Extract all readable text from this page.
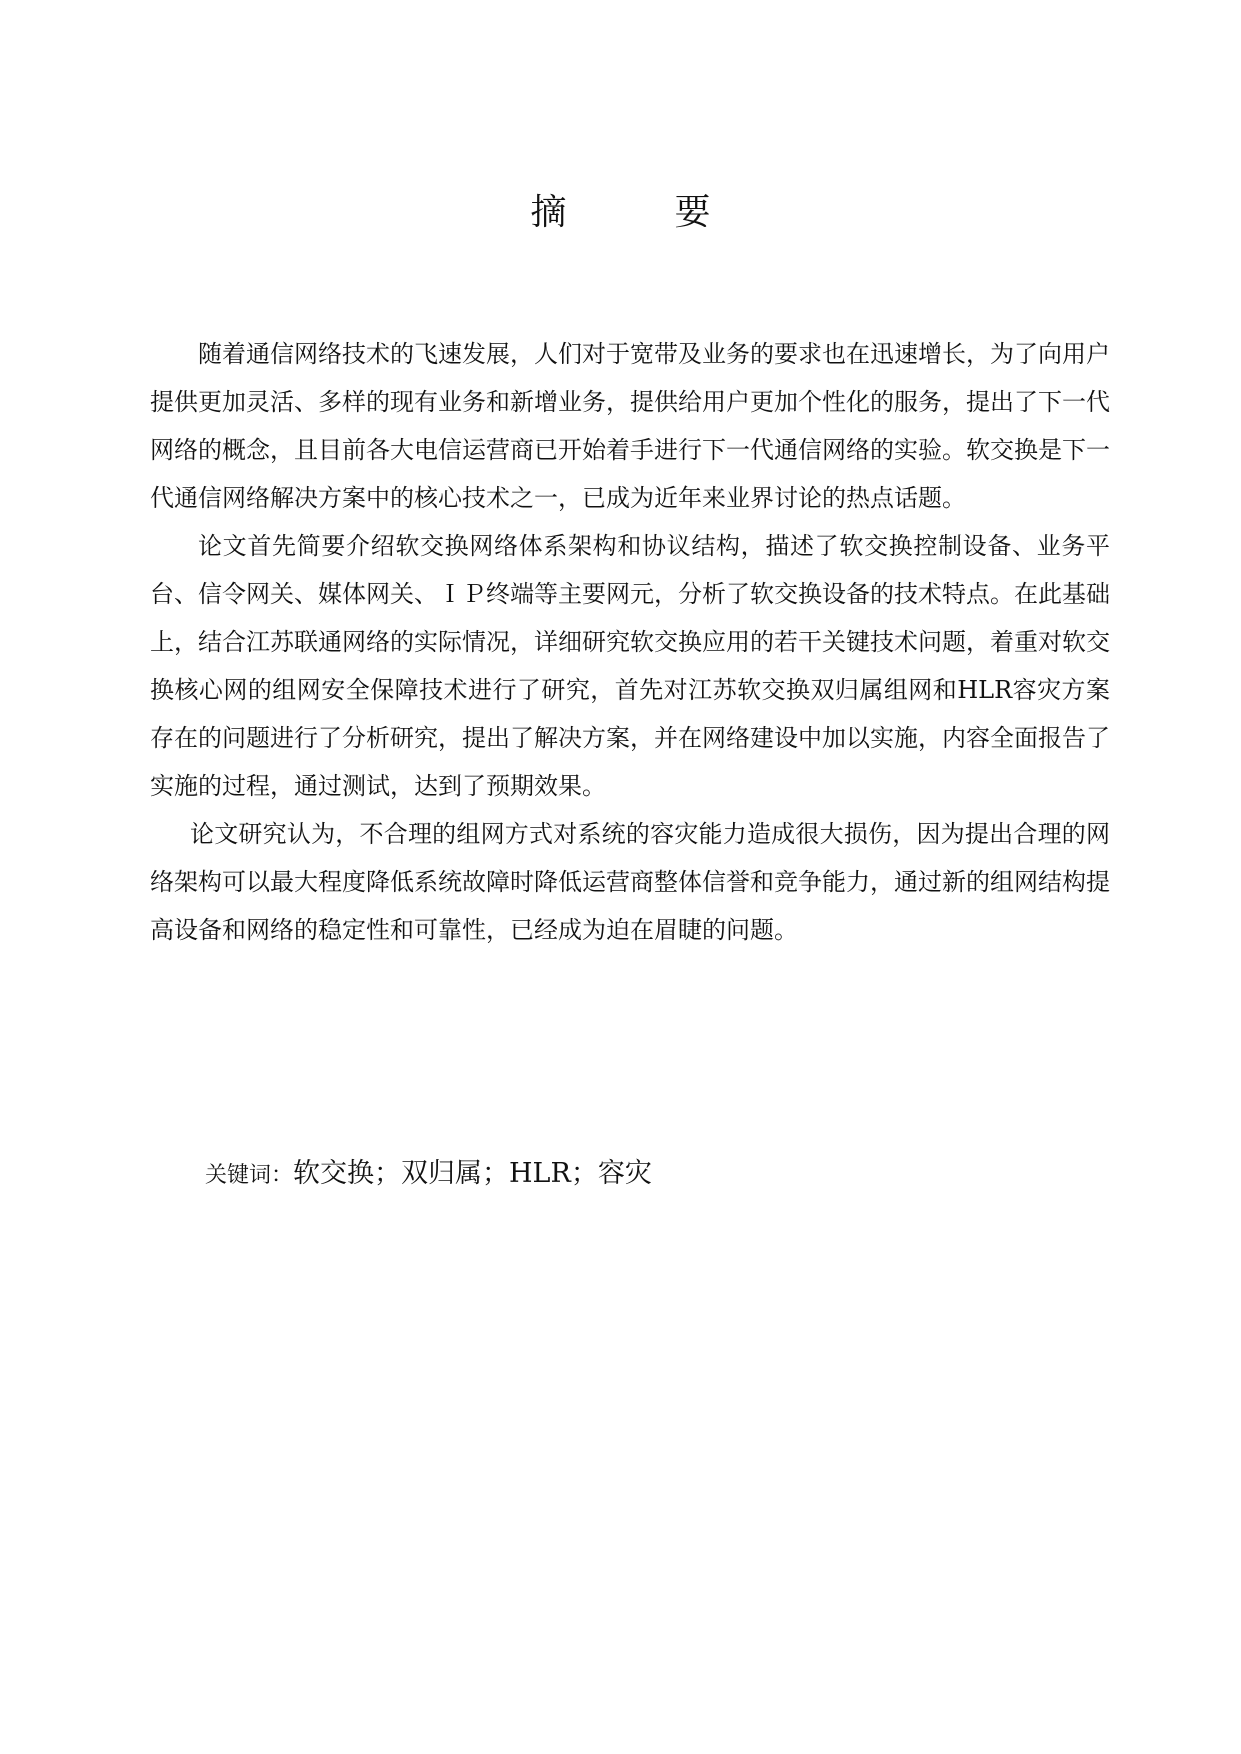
摘	要

随着通信网络技术的飞速发展，人们对于宽带及业务的要求也在迅速增长，为了向用户提供更加灵活、多样的现有业务和新增业务，提供给用户更加个性化的服务，提出了下一代网络的概念，且目前各大电信运营商已开始着手进行下一代通信网络的实验。软交换是下一代通信网络解决方案中的核心技术之一，已成为近年来业界讨论的热点话题。

论文首先简要介绍软交换网络体系架构和协议结构，描述了软交换控制设备、业务平台、信令网关、媒体网关、ＩＰ终端等主要网元，分析了软交换设备的技术特点。在此基础上，结合江苏联通网络的实际情况，详细研究软交换应用的若干关键技术问题，着重对软交换核心网的组网安全保障技术进行了研究，首先对江苏软交换双归属组网和HLR容灾方案存在的问题进行了分析研究，提出了解决方案，并在网络建设中加以实施，内容全面报告了实施的过程，通过测试，达到了预期效果。

论文研究认为，不合理的组网方式对系统的容灾能力造成很大损伤，因为提出合理的网络架构可以最大程度降低系统故障时降低运营商整体信誉和竞争能力，通过新的组网结构提高设备和网络的稳定性和可靠性，已经成为迫在眉睫的问题。

关键词：软交换；双归属；HLR；容灾
